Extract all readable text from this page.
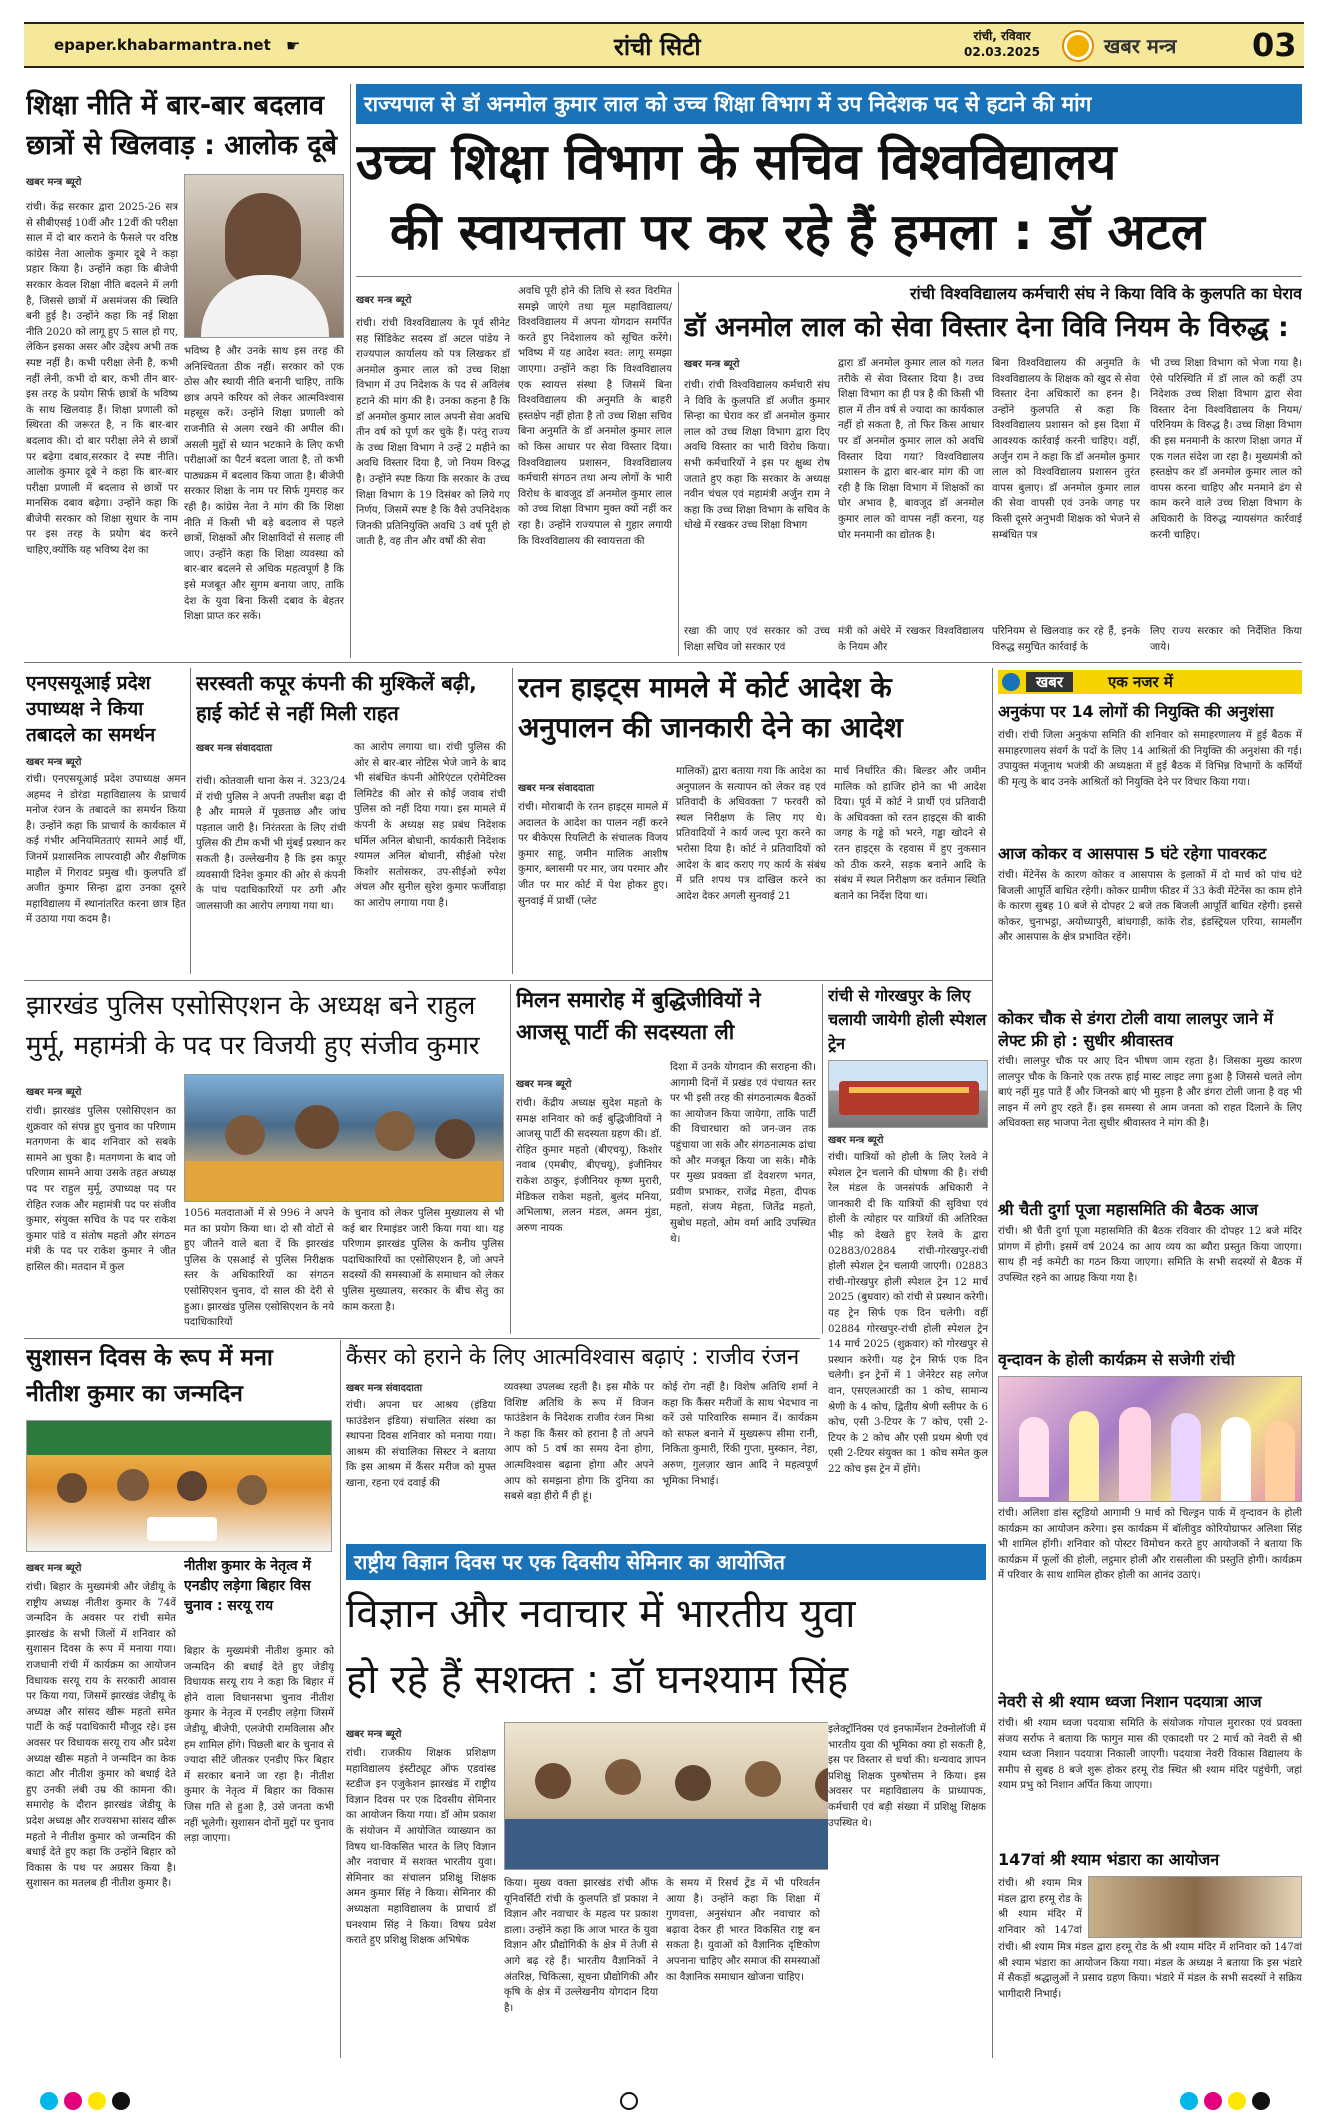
epaper.khabarmantra.net ☛	रांची सिटी	रांची, रविवार
02.03.2025	खबर मन्त्र 03
शिक्षा नीति में बार-बार बदलाव छात्रों से खिलवाड़ : आलोक दूबे
खबर मन्त्र ब्यूरो
रांची। केंद्र सरकार द्वारा 2025-26 सत्र से सीबीएसई 10वीं और 12वीं की परीक्षा साल में दो बार कराने के फैसले पर वरिष्ठ कांग्रेस नेता आलोक कुमार दूबे ने कड़ा प्रहार किया है। उन्होंने कहा कि बीजेपी सरकार केवल शिक्षा नीति बदलने में लगी है, जिससे छात्रों में असमंजस की स्थिति बनी हुई है। उन्होंने कहा कि नई शिक्षा नीति 2020 को लागू हुए 5 साल हो गए, लेकिन इसका असर और उद्देश्य अभी तक स्पष्ट नहीं है। कभी परीक्षा लेनी है, कभी नहीं लेनी, कभी दो बार, कभी तीन बार-इस तरह के प्रयोग सिर्फ छात्रों के भविष्य के साथ खिलवाड़ हैं। शिक्षा प्रणाली को स्थिरता की जरूरत है, न कि बार-बार बदलाव की। दो बार परीक्षा लेने से छात्रों पर बढ़ेगा दबाव,सरकार दे स्पष्ट नीति। आलोक कुमार दूबे ने कहा कि बार-बार परीक्षा प्रणाली में बदलाव से छात्रों पर मानसिक दबाव बढ़ेगा। उन्होंने कहा कि बीजेपी सरकार को शिक्षा सुधार के नाम पर इस तरह के प्रयोग बंद करने चाहिए,क्योंकि यह भविष्य देश का
भविष्य है और उनके साथ इस तरह की अनिश्चितता ठीक नहीं। सरकार को एक ठोस और स्थायी नीति बनानी चाहिए, ताकि छात्र अपने करियर को लेकर आत्मविश्वास महसूस करें। उन्होंने शिक्षा प्रणाली को राजनीति से अलग रखने की अपील की। असली मुद्दों से ध्यान भटकाने के लिए कभी परीक्षाओं का पैटर्न बदला जाता है, तो कभी पाठ्यक्रम में बदलाव किया जाता है। बीजेपी सरकार शिक्षा के नाम पर सिर्फ गुमराह कर रही है। कांग्रेस नेता ने मांग की कि शिक्षा नीति में किसी भी बड़े बदलाव से पहले छात्रों, शिक्षकों और शिक्षाविदों से सलाह ली जाए। उन्होंने कहा कि शिक्षा व्यवस्था को बार-बार बदलने से अधिक महत्वपूर्ण है कि इसे मजबूत और सुगम बनाया जाए, ताकि देश के युवा बिना किसी दबाव के बेहतर शिक्षा प्राप्त कर सकें।
राज्यपाल से डॉ अनमोल कुमार लाल को उच्च शिक्षा विभाग में उप निदेशक पद से हटाने की मांग
उच्च शिक्षा विभाग के सचिव विश्वविद्यालय
की स्वायत्तता पर कर रहे हैं हमला : डॉ अटल
खबर मन्त्र ब्यूरो
रांची। रांची विश्वविद्यालय के पूर्व सीनेट सह सिंडिकेट सदस्य डॉ अटल पांडेय ने राज्यपाल कार्यालय को पत्र लिखकर डॉ अनमोल कुमार लाल को उच्च शिक्षा विभाग में उप निदेशक के पद से अविलंब हटाने की मांग की है। उनका कहना है कि डॉ अनमोल कुमार लाल अपनी सेवा अवधि तीन वर्ष को पूर्ण कर चुके हैं। परंतु राज्य के उच्च शिक्षा विभाग ने उन्हें 2 महीने का अवधि विस्तार दिया है, जो नियम विरुद्ध है। उन्होंने स्पष्ट किया कि सरकार के उच्च शिक्षा विभाग के 19 दिसंबर को लिये गए निर्णय, जिसमें स्पष्ट है कि वैसे उपनिदेशक जिनकी प्रतिनियुक्ति अवधि 3 वर्ष पूरी हो जाती है, वह तीन और वर्षों की सेवा
अवधि पूरी होने की तिथि से स्वत विरमित समझे जाएंगे तथा मूल महाविद्यालय/विश्वविद्यालय में अपना योगदान समर्पित करते हुए निदेशालय को सूचित करेंगे। भविष्य में यह आदेश स्वत: लागू समझा जाएगा। उन्होंने कहा कि विश्वविद्यालय एक स्वायत्त संस्था है जिसमें बिना विश्वविद्यालय की अनुमति के बाहरी हस्तक्षेप नहीं होता है तो उच्च शिक्षा सचिव बिना अनुमति के डॉ अनमोल कुमार लाल को किस आधार पर सेवा विस्तार दिया। विश्वविद्यालय प्रशासन, विश्वविद्यालय कर्मचारी संगठन तथा अन्य लोगों के भारी विरोध के बावजूद डॉ अनमोल कुमार लाल को उच्च शिक्षा विभाग मुक्त क्यों नहीं कर रहा है। उन्होंने राज्यपाल से गुहार लगायी कि विश्वविद्यालय की स्वायत्तता की
रांची विश्वविद्यालय कर्मचारी संघ ने किया विवि के कुलपति का घेराव
डॉ अनमोल लाल को सेवा विस्तार देना विवि नियम के विरुद्ध :
खबर मन्त्र ब्यूरो
रांची। रांची विश्वविद्यालय कर्मचारी संघ ने विवि के कुलपति डॉ अजीत कुमार सिन्हा का घेराव कर डॉ अनमोल कुमार लाल को उच्च शिक्षा विभाग द्वारा दिए अवधि विस्तार का भारी विरोध किया। सभी कर्मचारियों ने इस पर क्षुब्ध रोष जताते हुए कहा कि सरकार के अध्यक्ष नवीन चंचल एवं महामंत्री अर्जुन राम ने कहा कि उच्च शिक्षा विभाग के सचिव के धोखे में रखकर उच्च शिक्षा विभाग
द्वारा डॉ अनमोल कुमार लाल को गलत तरीके से सेवा विस्तार दिया है। उच्च शिक्षा विभाग का ही पत्र है की किसी भी हाल में तीन वर्ष से ज्यादा का कार्यकाल नहीं हो सकता है, तो फिर किस आधार पर डॉ अनमोल कुमार लाल को अवधि विस्तार दिया गया? विश्वविद्यालय प्रशासन के द्वारा बार-बार मांग की जा रही है कि शिक्षा विभाग में शिक्षकों का घोर अभाव है, बावजूद डॉ अनमोल कुमार लाल को वापस नहीं करना, यह घोर मनमानी का द्योतक है।
बिना विश्वविद्यालय की अनुमति के विश्वविद्यालय के शिक्षक को खुद से सेवा विस्तार देना अधिकारों का हनन है। उन्होंने कुलपति से कहा कि विश्वविद्यालय प्रशासन को इस दिशा में आवश्यक कार्रवाई करनी चाहिए। वहीं, अर्जुन राम ने कहा कि डॉ अनमोल कुमार लाल को विश्वविद्यालय प्रशासन तुरंत वापस बुलाए। डॉ अनमोल कुमार लाल की सेवा वापसी एवं उनके जगह पर किसी दूसरे अनुभवी शिक्षक को भेजने से सम्बंधित पत्र
भी उच्च शिक्षा विभाग को भेजा गया है। ऐसे परिस्थिति में डॉ लाल को कहीं उप निदेशक उच्च शिक्षा विभाग द्वारा सेवा विस्तार देना विश्वविद्यालय के नियम/परिनियम के विरुद्ध है। उच्च शिक्षा विभाग की इस मनमानी के कारण शिक्षा जगत में एक गलत संदेश जा रहा है। मुख्यमंत्री को हस्तक्षेप कर डॉ अनमोल कुमार लाल को वापस करना चाहिए और मनमाने ढंग से काम करने वाले उच्च शिक्षा विभाग के अधिकारी के विरुद्ध न्यायसंगत कार्रवाई करनी चाहिए।
रखा की जाए एवं सरकार को उच्च शिक्षा सचिव जो सरकार एवं
मंत्री को अंधेरे में रखकर विश्वविद्यालय के नियम और
परिनियम से खिलवाड़ कर रहे हैं, इनके विरुद्ध समुचित कार्रवाई के
लिए राज्य सरकार को निर्देशित किया जाये।
एनएसयूआई प्रदेश उपाध्यक्ष ने किया तबादले का समर्थन
खबर मन्त्र ब्यूरो
रांची। एनएसयूआई प्रदेश उपाध्यक्ष अमन अहमद ने डोरंडा महाविद्यालय के प्राचार्य मनोज रंजन के तबादले का समर्थन किया है। उन्होंने कहा कि प्राचार्य के कार्यकाल में कई गंभीर अनियमितताएं सामने आई थीं, जिनमें प्रशासनिक लापरवाही और शैक्षणिक माहौल में गिरावट प्रमुख थी। कुलपति डॉ अजीत कुमार सिन्हा द्वारा उनका दूसरे महाविद्यालय में स्थानांतरित करना छात्र हित में उठाया गया कदम है।
सरस्वती कपूर कंपनी की मुश्किलें बढ़ी, हाई कोर्ट से नहीं मिली राहत
खबर मन्त्र संवाददाता
रांची। कोतवाली थाना केस नं. 323/24 में रांची पुलिस ने अपनी तफ्तीश बढ़ा दी है और मामले में पूछताछ और जांच पड़ताल जारी है। निरंतरता के लिए रांची पुलिस की टीम कभी भी मुंबई प्रस्थान कर सकती है। उल्लेखनीय है कि इस कपूर व्यवसायी दिनेश कुमार की ओर से कंपनी के पांच पदाधिकारियों पर ठगी और जालसाजी का आरोप लगाया गया था।
का आरोप लगाया था। रांची पुलिस की ओर से बार-बार नोटिस भेजे जाने के बाद भी संबंधित कंपनी ओरिएंटल एरोमेटिक्स लिमिटेड की ओर से कोई जवाब रांची पुलिस को नहीं दिया गया। इस मामले में कंपनी के अध्यक्ष सह प्रबंध निदेशक धर्मिल अनिल बोधानी, कार्यकारी निदेशक श्यामल अनिल बोधानी, सीईओ परेश किशोर सतोसकर, उप-सीईओ रुपेश अंचल और सुनील सुरेश कुमार फर्जीवाड़ा का आरोप लगाया गया है।
रतन हाइट्स मामले में कोर्ट आदेश के अनुपालन की जानकारी देने का आदेश
खबर मन्त्र संवाददाता
रांची। मोराबादी के रतन हाइट्स मामले में अदालत के आदेश का पालन नहीं करने पर बीकेएस रियलिटी के संचालक विजय कुमार साहू, जमीन मालिक आशीष कुमार, ब्लासमी पर मार, जय परमार और जीत पर मार कोर्ट में पेश होकर हुए। सुनवाई में प्रार्थी (प्लेट
मालिकों) द्वारा बताया गया कि आदेश का अनुपालन के सत्यापन को लेकर वह एवं प्रतिवादी के अधिवक्ता 7 फरवरी को स्थल निरीक्षण के लिए गए थे। प्रतिवादियों ने कार्य जल्द पूरा करने का भरोसा दिया है। कोर्ट ने प्रतिवादियों को आदेश के बाद कराए गए कार्य के संबंध में प्रति शपथ पत्र दाखिल करने का आदेश देकर अगली सुनवाई 21
मार्च निर्धारित की। बिल्डर और जमीन मालिक को हाजिर होने का भी आदेश दिया। पूर्व में कोर्ट ने प्रार्थी एवं प्रतिवादी के अधिवक्ता को रतन हाइट्स की बाकी जगह के गड्ढे को भरने, गड्ढा खोदने से रतन हाइट्स के रहवास में हुए नुकसान को ठीक करने, सड़क बनाने आदि के संबंध में स्थल निरीक्षण कर वर्तमान स्थिति बताने का निर्देश दिया था।
खबर	एक नजर में
अनुकंपा पर 14 लोगों की नियुक्ति की अनुशंसा
रांची। रांची जिला अनुकंपा समिति की शनिवार को समाहरणालय में हुई बैठक में समाहरणालय संवर्ग के पदों के लिए 14 आश्रितों की नियुक्ति की अनुशंसा की गई। उपायुक्त मंजूनाथ भजंत्री की अध्यक्षता में हुई बैठक में विभिन्न विभागों के कर्मियों की मृत्यु के बाद उनके आश्रितों को नियुक्ति देने पर विचार किया गया।
आज कोकर व आसपास 5 घंटे रहेगा पावरकट
रांची। मेंटेनेंस के कारण कोकर व आसपास के इलाकों में दो मार्च को पांच घंटे बिजली आपूर्ति बाधित रहेगी। कोकर ग्रामीण फीडर में 33 केवी मेंटेनेंस का काम होने के कारण सुबह 10 बजे से दोपहर 2 बजे तक बिजली आपूर्ति बाधित रहेगी। इससे कोकर, चुनाभट्ठा, अयोध्यापुरी, बांधगाड़ी, कांके रोड, इंडस्ट्रियल एरिया, सामलौंग और आसपास के क्षेत्र प्रभावित रहेंगे।
कोकर चौक से डंगरा टोली वाया लालपुर जाने में लेफ्ट फ्री हो : सुधीर श्रीवास्तव
रांची। लालपुर चौक पर आए दिन भीषण जाम रहता है। जिसका मुख्य कारण लालपुर चौक के किनारे एक तरफ हाई मास्ट लाइट लगा हुआ है जिससे चलते लोग बाएं नहीं मुड़ पाते हैं और जिनको बाएं भी मुड़ना है और डंगरा टोली जाना है वह भी लाइन में लगे हुए रहते हैं। इस समस्या से आम जनता को राहत दिलाने के लिए अधिवक्ता सह भाजपा नेता सुधीर श्रीवास्तव ने मांग की है।
श्री चैती दुर्गा पूजा महासमिति की बैठक आज
रांची। श्री चैती दुर्गा पूजा महासमिति की बैठक रविवार की दोपहर 12 बजे मंदिर प्रांगण में होगी। इसमें वर्ष 2024 का आय व्यय का ब्यौरा प्रस्तुत किया जाएगा। साथ ही नई कमेटी का गठन किया जाएगा। समिति के सभी सदस्यों से बैठक में उपस्थित रहने का आग्रह किया गया है।
वृन्दावन के होली कार्यक्रम से सजेगी रांची
रांची। अलिशा डांस स्टूडियो आगामी 9 मार्च को चिल्ड्रन पार्क में वृन्दावन के होली कार्यक्रम का आयोजन करेगा। इस कार्यक्रम में बॉलीवुड कोरियोग्राफर अलिशा सिंह भी शामिल होंगी। शनिवार को पोस्टर विमोचन करते हुए आयोजकों ने बताया कि कार्यक्रम में फूलों की होली, लट्ठमार होली और रासलीला की प्रस्तुति होगी। कार्यक्रम में परिवार के साथ शामिल होकर होली का आनंद उठाएं।
नेवरी से श्री श्याम ध्वजा निशान पदयात्रा आज
रांची। श्री श्याम ध्वजा पदयात्रा समिति के संयोजक गोपाल मुरारका एवं प्रवक्ता संजय सर्राफ ने बताया कि फागुन मास की एकादशी पर 2 मार्च को नेवरी से श्री श्याम ध्वजा निशान पदयात्रा निकाली जाएगी। पदयात्रा नेवरी विकास विद्यालय के समीप से सुबह 8 बजे शुरू होकर हरमू रोड स्थित श्री श्याम मंदिर पहुंचेगी, जहां श्याम प्रभु को निशान अर्पित किया जाएगा।
147वां श्री श्याम भंडारा का आयोजन
रांची। श्री श्याम मित्र मंडल द्वारा हरमू रोड के श्री श्याम मंदिर में शनिवार को 147वां
रांची। श्री श्याम मित्र मंडल द्वारा हरमू रोड के श्री श्याम मंदिर में शनिवार को 147वां श्री श्याम भंडारा का आयोजन किया गया। मंडल के अध्यक्ष ने बताया कि इस भंडारे में सैकड़ों श्रद्धालुओं ने प्रसाद ग्रहण किया। भंडारे में मंडल के सभी सदस्यों ने सक्रिय भागीदारी निभाई।
झारखंड पुलिस एसोसिएशन के अध्यक्ष बने राहुल मुर्मू, महामंत्री के पद पर विजयी हुए संजीव कुमार
खबर मन्त्र ब्यूरो
रांची। झारखंड पुलिस एसोसिएशन का शुक्रवार को संपन्न हुए चुनाव का परिणाम मतगणना के बाद शनिवार को सबके सामने आ चुका है। मतगणना के बाद जो परिणाम सामने आया उसके तहत अध्यक्ष पद पर राहुल मुर्मू, उपाध्यक्ष पद पर रोहित रजक और महामंत्री पद पर संजीव कुमार, संयुक्त सचिव के पद पर राकेश कुमार पांडे व संतोष महतो और संगठन मंत्री के पद पर राकेश कुमार ने जीत हासिल की। मतदान में कुल
1056 मतदाताओं में से 996 ने अपने मत का प्रयोग किया था। दो सौ वोटों से हुए जीतने वाले बता दें कि झारखंड पुलिस के एसआई से पुलिस निरीक्षक स्तर के अधिकारियों का संगठन एसोसिएशन चुनाव, दो साल की देरी से हुआ। झारखंड पुलिस एसोसिएशन के नये पदाधिकारियों
के चुनाव को लेकर पुलिस मुख्यालय से भी कई बार रिमाइंडर जारी किया गया था। यह परिणाम झारखंड पुलिस के कनीय पुलिस पदाधिकारियों का एसोसिएशन है, जो अपने सदस्यों की समस्याओं के समाधान को लेकर पुलिस मुख्यालय, सरकार के बीच सेतु का काम करता है।
मिलन समारोह में बुद्धिजीवियों ने आजसू पार्टी की सदस्यता ली
खबर मन्त्र ब्यूरो
रांची। केंद्रीय अध्यक्ष सुदेश महतो के समक्ष शनिवार को कई बुद्धिजीवियों ने आजसू पार्टी की सदस्यता ग्रहण की। डॉ. रोहित कुमार महतो (बीएचयू), किशोर नवाब (एमबीए, बीएचयू), इंजीनियर राकेश ठाकुर, इंजीनियर कृष्ण मुरारी, मेडिकल राकेश महतो, बुलंद मनिया, अभिलाषा, ललन मंडल, अमन मुंडा, अरुण नायक
दिशा में उनके योगदान की सराहना की। आगामी दिनों में प्रखंड एवं पंचायत स्तर पर भी इसी तरह की संगठनात्मक बैठकों का आयोजन किया जायेगा, ताकि पार्टी की विचारधारा को जन-जन तक पहुंचाया जा सके और संगठनात्मक ढांचा को और मजबूत किया जा सके। मौके पर मुख्य प्रवक्ता डॉ देवशरण भगत, प्रवीण प्रभाकर, राजेंद्र मेहता, दीपक महतो, संजय मेहता, जितेंद्र महतो, सुबोध महतो, ओम वर्मा आदि उपस्थित थे।
रांची से गोरखपुर के लिए चलायी जायेगी होली स्पेशल ट्रेन
खबर मन्त्र ब्यूरो
रांची। यात्रियों को होली के लिए रेलवे ने स्पेशल ट्रेन चलाने की घोषणा की है। रांची रेल मंडल के जनसंपर्क अधिकारी ने जानकारी दी कि यात्रियों की सुविधा एवं होली के त्योहार पर यात्रियों की अतिरिक्त भीड़ को देखते हुए रेलवे के द्वारा 02883/02884 रांची-गोरखपुर-रांची होली स्पेशल ट्रेन चलायी जाएगी। 02883 रांची-गोरखपुर होली स्पेशल ट्रेन 12 मार्च 2025 (बुधवार) को रांची से प्रस्थान करेगी। यह ट्रेन सिर्फ एक दिन चलेगी। वहीं 02884 गोरखपुर-रांची होली स्पेशल ट्रेन 14 मार्च 2025 (शुक्रवार) को गोरखपुर से प्रस्थान करेगी। यह ट्रेन सिर्फ एक दिन चलेगी। इन ट्रेनों में 1 जेनेरेटर सह लगेज वान, एसएलआरडी का 1 कोच, सामान्य श्रेणी के 4 कोच, द्वितीय श्रेणी स्लीपर के 6 कोच, एसी 3-टियर के 7 कोच, एसी 2-टियर के 2 कोच और एसी प्रथम श्रेणी एवं एसी 2-टियर संयुक्त का 1 कोच समेत कुल 22 कोच इस ट्रेन में होंगे।
सुशासन दिवस के रूप में मना नीतीश कुमार का जन्मदिन
खबर मन्त्र ब्यूरो	नीतीश कुमार के नेतृत्व में एनडीए लड़ेगा बिहार विस चुनाव : सरयू राय
रांची। बिहार के मुख्यमंत्री और जेडीयू के राष्ट्रीय अध्यक्ष नीतीश कुमार के 74वें जन्मदिन के अवसर पर रांची समेत झारखंड के सभी जिलों में शनिवार को सुशासन दिवस के रूप में मनाया गया। राजधानी रांची में कार्यक्रम का आयोजन विधायक सरयू राय के सरकारी आवास पर किया गया, जिसमें झारखंड जेडीयू के अध्यक्ष और सांसद खीरू महतो समेत पार्टी के कई पदाधिकारी मौजूद रहे। इस अवसर पर विधायक सरयू राय और प्रदेश अध्यक्ष खीरू महतो ने जन्मदिन का केक काटा और नीतीश कुमार को बधाई देते हुए उनकी लंबी उम्र की कामना की। समारोह के दौरान झारखंड जेडीयू के प्रदेश अध्यक्ष और राज्यसभा सांसद खीरू महतो ने नीतीश कुमार को जन्मदिन की बधाई देते हुए कहा कि उन्होंने बिहार को विकास के पथ पर अग्रसर किया है। सुशासन का मतलब ही नीतीश कुमार है।
बिहार के मुख्यमंत्री नीतीश कुमार को जन्मदिन की बधाई देते हुए जेडीयू विधायक सरयू राय ने कहा कि बिहार में होने वाला विधानसभा चुनाव नीतीश कुमार के नेतृत्व में एनडीए लड़ेगा जिसमें जेडीयू, बीजेपी, एलजेपी रामविलास और हम शामिल होंगे। पिछली बार के चुनाव से ज्यादा सीटें जीतकर एनडीए फिर बिहार में सरकार बनाने जा रहा है। नीतीश कुमार के नेतृत्व में बिहार का विकास जिस गति से हुआ है, उसे जनता कभी नहीं भूलेगी। सुशासन दोनों मुद्दों पर चुनाव लड़ा जाएगा।
कैंसर को हराने के लिए आत्मविश्वास बढ़ाएं : राजीव रंजन
खबर मन्त्र संवाददाता
रांची। अपना घर आश्रय (इंडिया फाउंडेशन इंडिया) संचालित संस्था का स्थापना दिवस शनिवार को मनाया गया। आश्रम की संचालिका सिस्टर ने बताया कि इस आश्रम में कैंसर मरीज को मुफ्त खाना, रहना एवं दवाई की
व्यवस्था उपलब्ध रहती है। इस मौके पर विशिष्ट अतिथि के रूप में विजन फाउंडेशन के निदेशक राजीव रंजन मिश्रा ने कहा कि कैंसर को हराना है तो अपने आप को 5 वर्ष का समय देना होगा, आत्मविश्वास बढ़ाना होगा और अपने आप को समझना होगा कि दुनिया का सबसे बड़ा हीरो मैं ही हूं।
कोई रोग नहीं है। विशेष अतिथि शर्मा ने कहा कि कैंसर मरीजों के साथ भेदभाव ना करें उसे पारिवारिक सम्मान दें। कार्यक्रम को सफल बनाने में मुख्यरूप सीमा रानी, निकिता कुमारी, रिंकी गुप्ता, मुस्कान, नेहा, अरुण, गुलज़ार खान आदि ने महत्वपूर्ण भूमिका निभाई।
राष्ट्रीय विज्ञान दिवस पर एक दिवसीय सेमिनार का आयोजित
विज्ञान और नवाचार में भारतीय युवा
हो रहे हैं सशक्त : डॉ घनश्याम सिंह
खबर मन्त्र ब्यूरो
रांची। राजकीय शिक्षक प्रशिक्षण महाविद्यालय इंस्टीट्यूट ऑफ एडवांस्ड स्टडीज इन एजुकेशन झारखंड में राष्ट्रीय विज्ञान दिवस पर एक दिवसीय सेमिनार का आयोजन किया गया। डॉ ओम प्रकाश के संयोजन में आयोजित व्याख्यान का विषय था-विकसित भारत के लिए विज्ञान और नवाचार में सशक्त भारतीय युवा। सेमिनार का संचालन प्रशिक्षु शिक्षक अमन कुमार सिंह ने किया। सेमिनार की अध्यक्षता महाविद्यालय के प्राचार्य डॉ घनश्याम सिंह ने किया। विषय प्रवेश कराते हुए प्रशिक्षु शिक्षक अभिषेक
किया। मुख्य वक्ता झारखंड रांची ऑफ यूनिवर्सिटी रांची के कुलपति डॉ प्रकाश ने विज्ञान और नवाचार के महत्व पर प्रकाश डाला। उन्होंने कहा कि आज भारत के युवा विज्ञान और प्रौद्योगिकी के क्षेत्र में तेजी से आगे बढ़ रहे हैं। भारतीय वैज्ञानिकों ने अंतरिक्ष, चिकित्सा, सूचना प्रौद्योगिकी और कृषि के क्षेत्र में उल्लेखनीय योगदान दिया है।
के समय में रिसर्च ट्रेंड में भी परिवर्तन आया है। उन्होंने कहा कि शिक्षा में गुणवत्ता, अनुसंधान और नवाचार को बढ़ावा देकर ही भारत विकसित राष्ट्र बन सकता है। युवाओं को वैज्ञानिक दृष्टिकोण अपनाना चाहिए और समाज की समस्याओं का वैज्ञानिक समाधान खोजना चाहिए।
इलेक्ट्रॉनिक्स एवं इनफार्मेशन टेक्नोलॉजी में भारतीय युवा की भूमिका क्या हो सकती है, इस पर विस्तार से चर्चा की। धन्यवाद ज्ञापन प्रशिक्षु शिक्षक पुरुषोत्तम ने किया। इस अवसर पर महाविद्यालय के प्राध्यापक, कर्मचारी एवं बड़ी संख्या में प्रशिक्षु शिक्षक उपस्थित थे।
